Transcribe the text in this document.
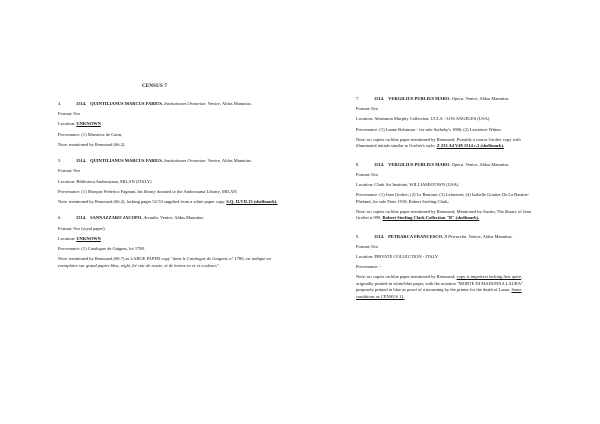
CENSUS 7

4.	1514. QUINTILIANUS MARCUS FABIUS. Institutiones Oratoriae. Venice, Aldus Manutius.

Format: 8vo

Location: UNKNOWN

Provenance: (1) Marsieux de Catin;

Note: mentioned by Renouard (66.2).

5.	1514. QUINTILIANUS MARCUS FABIUS. Institutiones Oratoriae. Venice, Aldus Manutius.

Format: 8vo

Location: Biblioteca Ambrosiana, MILAN (ITALY)

Provenance: (1) Marquis Federico Fagnani, his library donated to the Ambrosiana Library, MILAN.

Note: mentioned by Renouard (66.2), lacking pages 52-53 supplied from a white paper copy. S.Q. II.VII.13 (shelfmark).

6.	1514. SANNAZZARO JACOPO. Arcadia. Venice, Aldus Manutius.

Format: 8vo (royal paper)

Location: UNKNOWN

Provenance: (1) Catalogue de Gaignat, lot 1780.

Note: mentioned by Renouard (68.7) as LARGE PAPER copy "dans le Catalogue de Gaignat, n° 1780, est indiqué un exemplaire sur grand papier bleu, réglé, lié cuir de russie, et de lettres en or et couleurs".

7.	1514. VERGILIUS PUBLIUS MARO. Opera. Venice, Aldus Manutius.

Format: 8vo

Location: Abrasmon Murphy Collection, UCLA - LOS ANGELES (USA)

Provenance: (1) Lanne Robinson - for sale Sotheby's 1986; (2) Lawrence Witten.

Note: no copies on blue paper mentioned by Renouard. Possibly a coarse Grolier copy with illuminated initials similar to Grolier's style. Z 233 A4 V49 1514 c.2 (shelfmark).

8.	1514. VERGILIUS PUBLIUS MARO. Opera. Venice, Aldus Manutius.

Format: 8vo

Location: Clark Art Institute, WILLIAMSTOWN (USA)

Provenance: (1) Jean Grolier; (2) Le Bastone; (3) Lefuneret; (4) Isabelle Gontier De La Bastine-Pheland, for sale Paris 1918; Robert Sterling Clark;

Note: no copies on blue paper mentioned by Renouard; Mentioned by Austin, The library of Jean Grolier n.999. Robert Sterling Clark Collection "B" (shelfmark).

9.	1514. PETRARCA FRANCESCO. Il Petrarcha. Venice, Aldus Manutius.

Format: 8vo

Location: PRIVATE COLLECTION - ITALY

Provenance: -

Note: no copies on blue paper mentioned by Renouard; copy is imperfect lacking first quire, originally printed in white/blue paper, with the notation "MORTE DI MADONNA LAURA" purposely printed in blue as proof of a mourning by the printer for the death of Laura. Same conditions as CENSUS 11.
